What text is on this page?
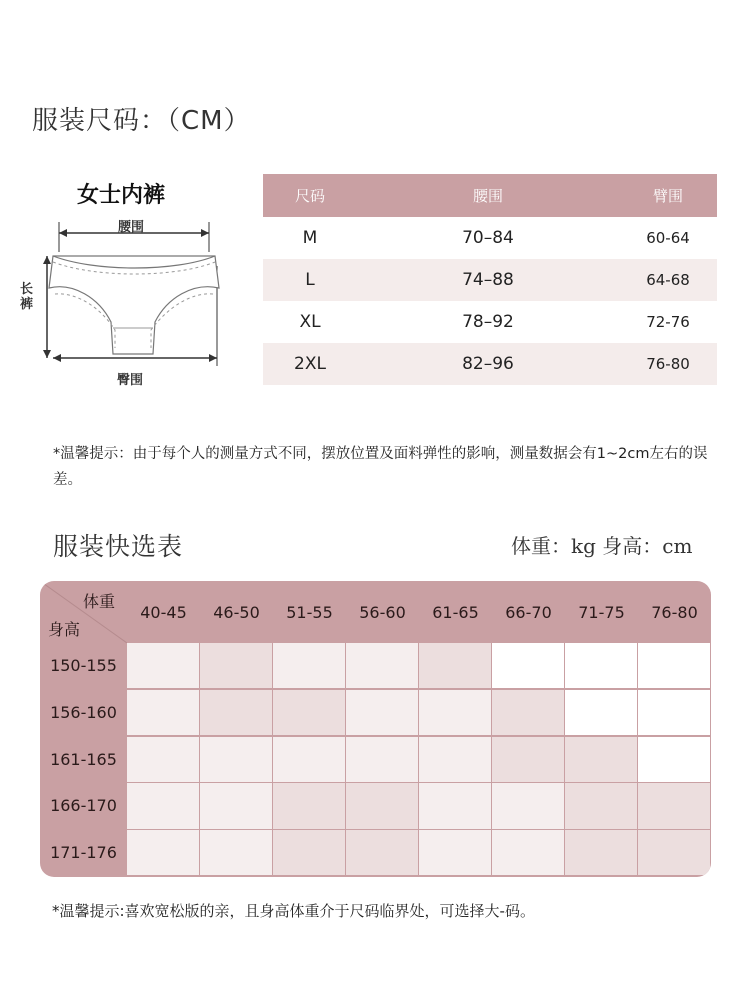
服装尺码：（CM）
女士内裤
腰围
长裤
臀围
尺码	腰围	臂围
M	70–84	60-64
L	74–88	64-68
XL	78–92	72-76
2XL	82–96	76-80
*温馨提示：由于每个人的测量方式不同，摆放位置及面料弹性的影响，测量数据会有1~2cm左右的误差。
服装快选表	体重：kg 身高：cm
体重
身高
40-45	46-50	51-55	56-60	61-65	66-70	71-75	76-80
150-155
156-160
161-165
166-170
171-176
*温馨提示:喜欢宽松版的亲，且身高体重介于尺码临界处，可选择大-码。
